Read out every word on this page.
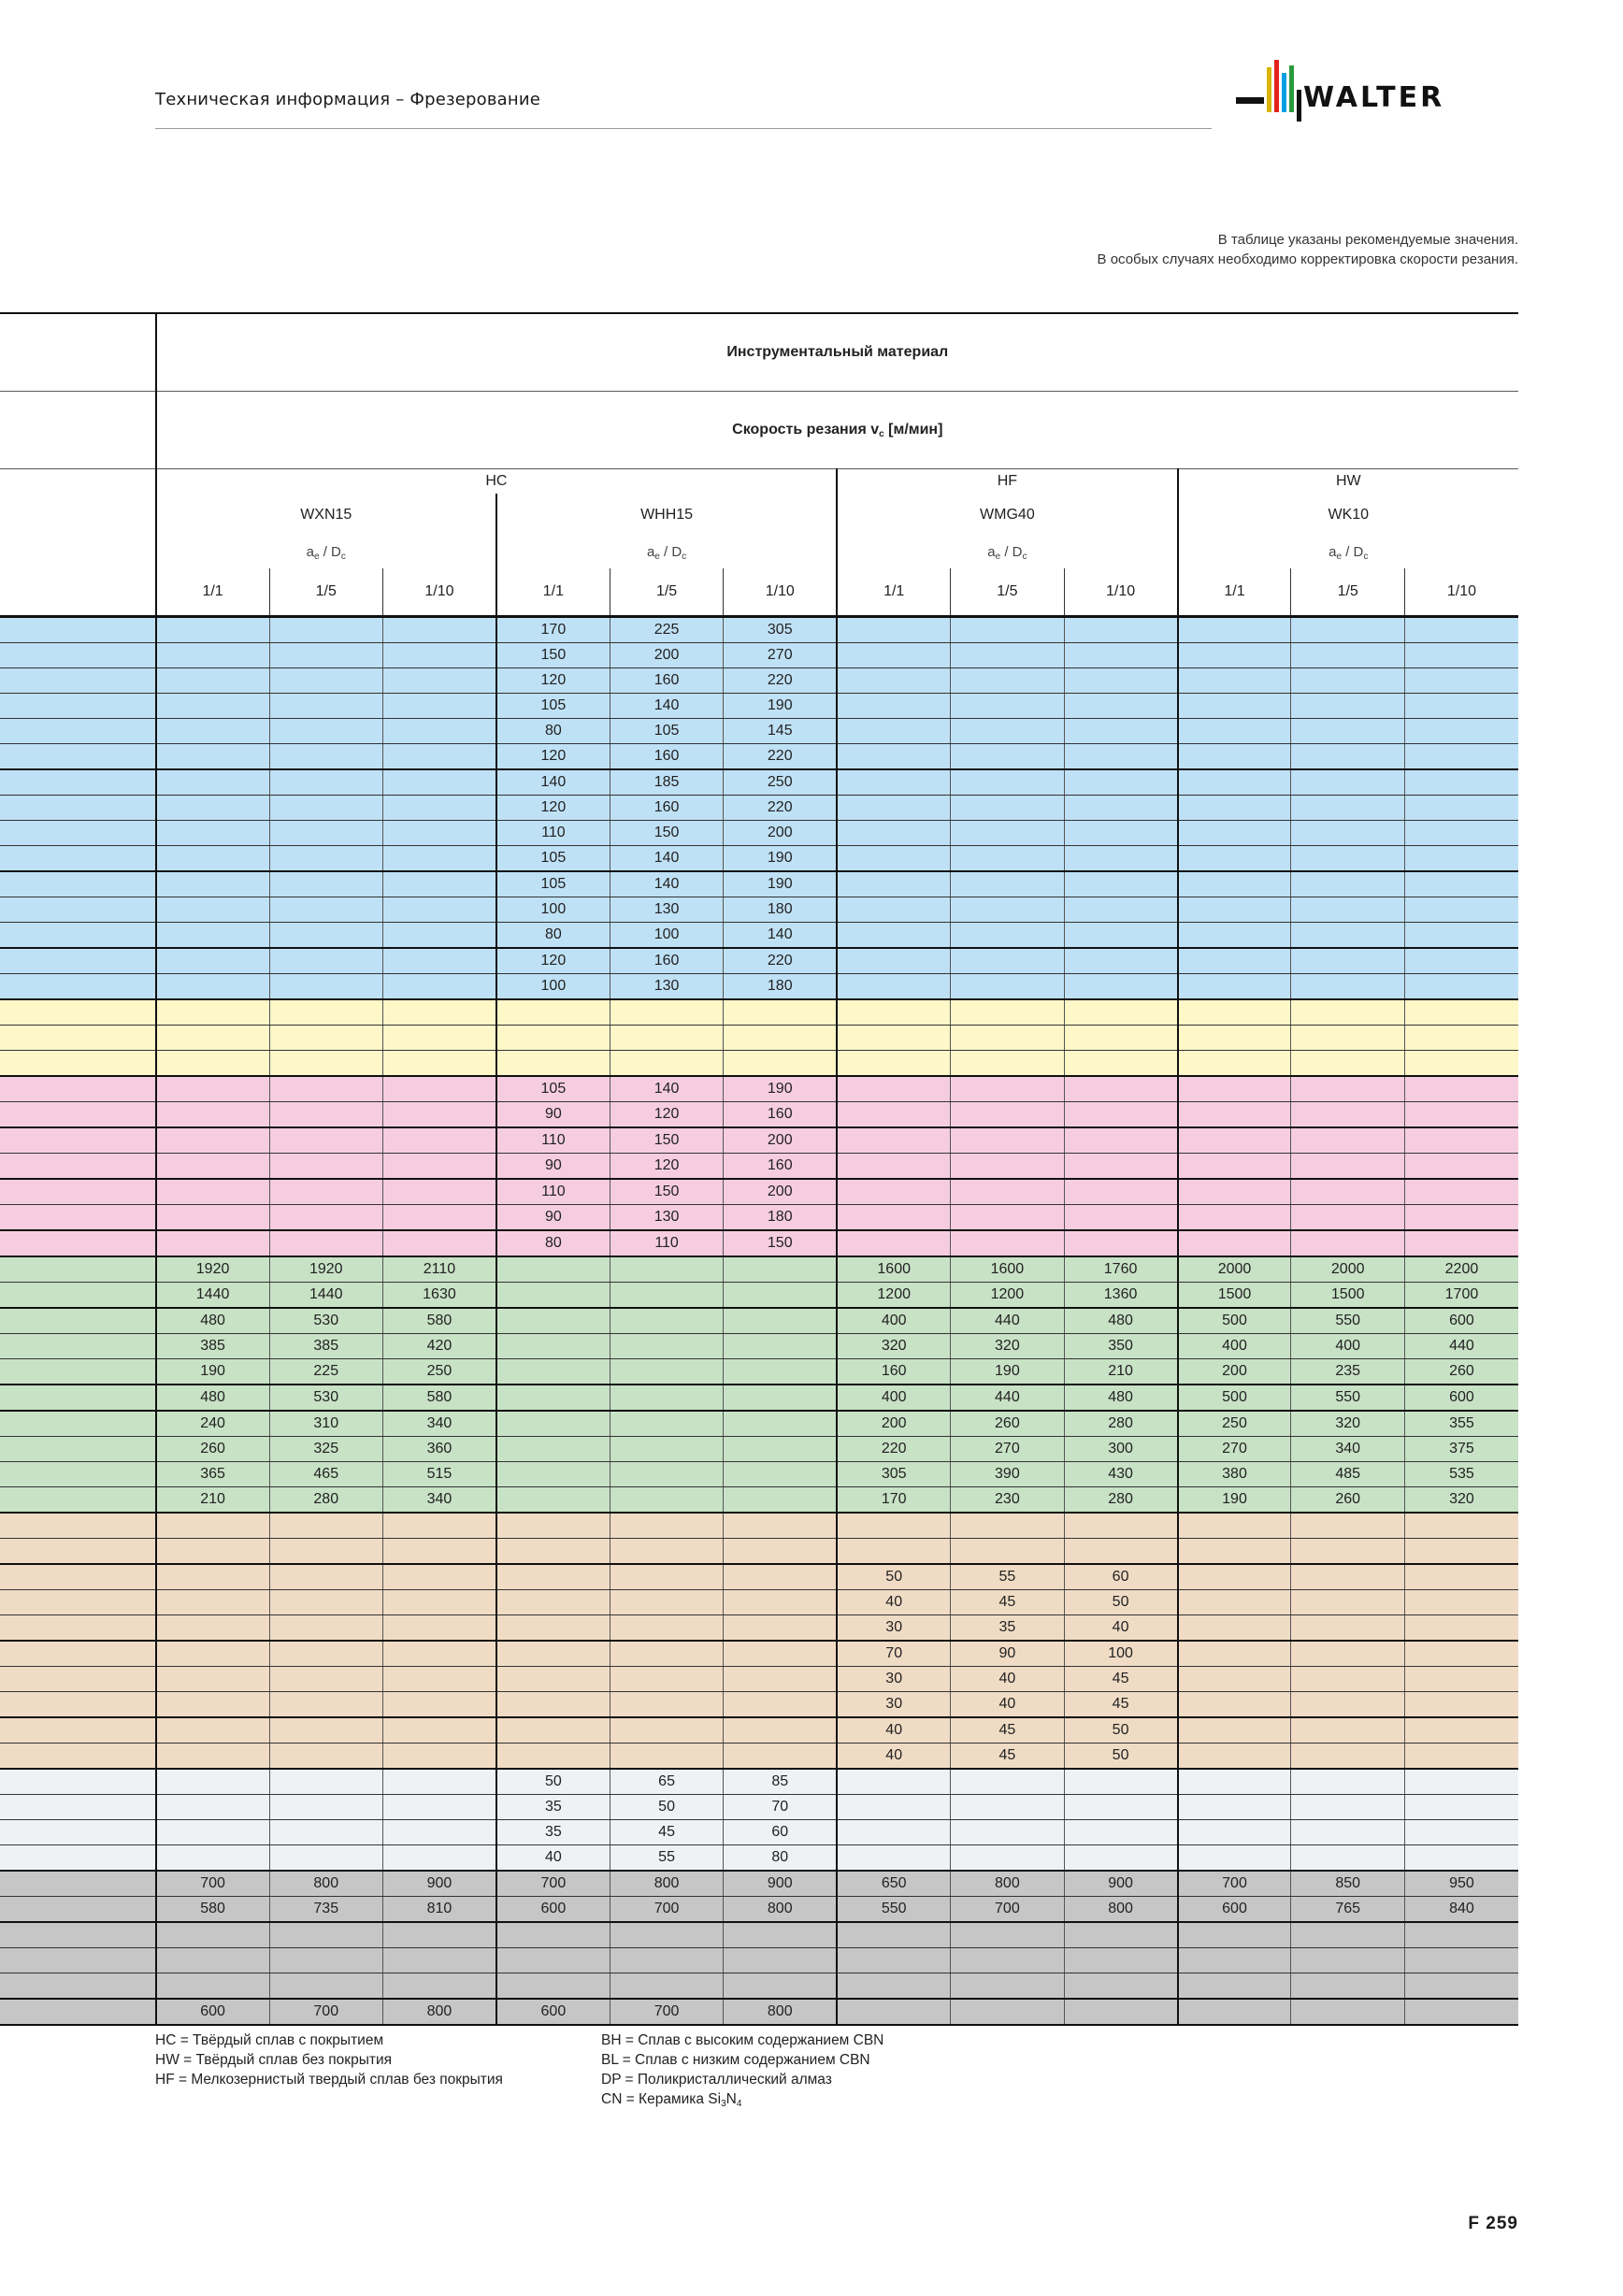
Техническая информация – Фрезерование	WALTER
В таблице указаны рекомендуемые значения.
В особых случаях необходимо корректировка скорости резания.
	Инструментальный материал											
	Скорость резания $v_c$ [м/мин]											
	HC						HF			HW		
	WXN15			WHH15			WMG40			WK10		
	$a_e / D_c$			$a_e / D_c$			$a_e / D_c$			$a_e / D_c$
	1/1	1/5	1/10	1/1	1/5	1/10	1/1	1/5	1/10	1/1	1/5	1/10
				170	225	305						
				150	200	270						
				120	160	220						
				105	140	190						
				80	105	145						
				120	160	220						
				140	185	250						
				120	160	220						
				110	150	200						
				105	140	190						
				105	140	190						
				100	130	180						
				80	100	140						
				120	160	220						
				100	130	180						

				105	140	190						
				90	120	160						
				110	150	200						
				90	120	160						
				110	150	200						
				90	130	180						
				80	110	150						
	1920	1920	2110				1600	1600	1760	2000	2000	2200
	1440	1440	1630				1200	1200	1360	1500	1500	1700
	480	530	580				400	440	480	500	550	600
	385	385	420				320	320	350	400	400	440
	190	225	250				160	190	210	200	235	260
	480	530	580				400	440	480	500	550	600
	240	310	340				200	260	280	250	320	355
	260	325	360				220	270	300	270	340	375
	365	465	515				305	390	430	380	485	535
	210	280	340				170	230	280	190	260	320

							50	55	60			
							40	45	50			
							30	35	40			
							70	90	100			
							30	40	45			
							30	40	45			
							40	45	50			
							40	45	50			
				50	65	85						
				35	50	70						
				35	45	60						
				40	55	80						
	700	800	900	700	800	900	650	800	900	700	850	950
	580	735	810	600	700	800	550	700	800	600	765	840

	600	700	800	600	700	800						
HC = Твёрдый сплав с покрытием
HW = Твёрдый сплав без покрытия
HF = Мелкозернистый твердый сплав без покрытия
BH = Сплав с высоким содержанием CBN
BL = Сплав с низким содержанием CBN
DP = Поликристаллический алмаз
CN = Керамика $Si_3N_4$
F 259
